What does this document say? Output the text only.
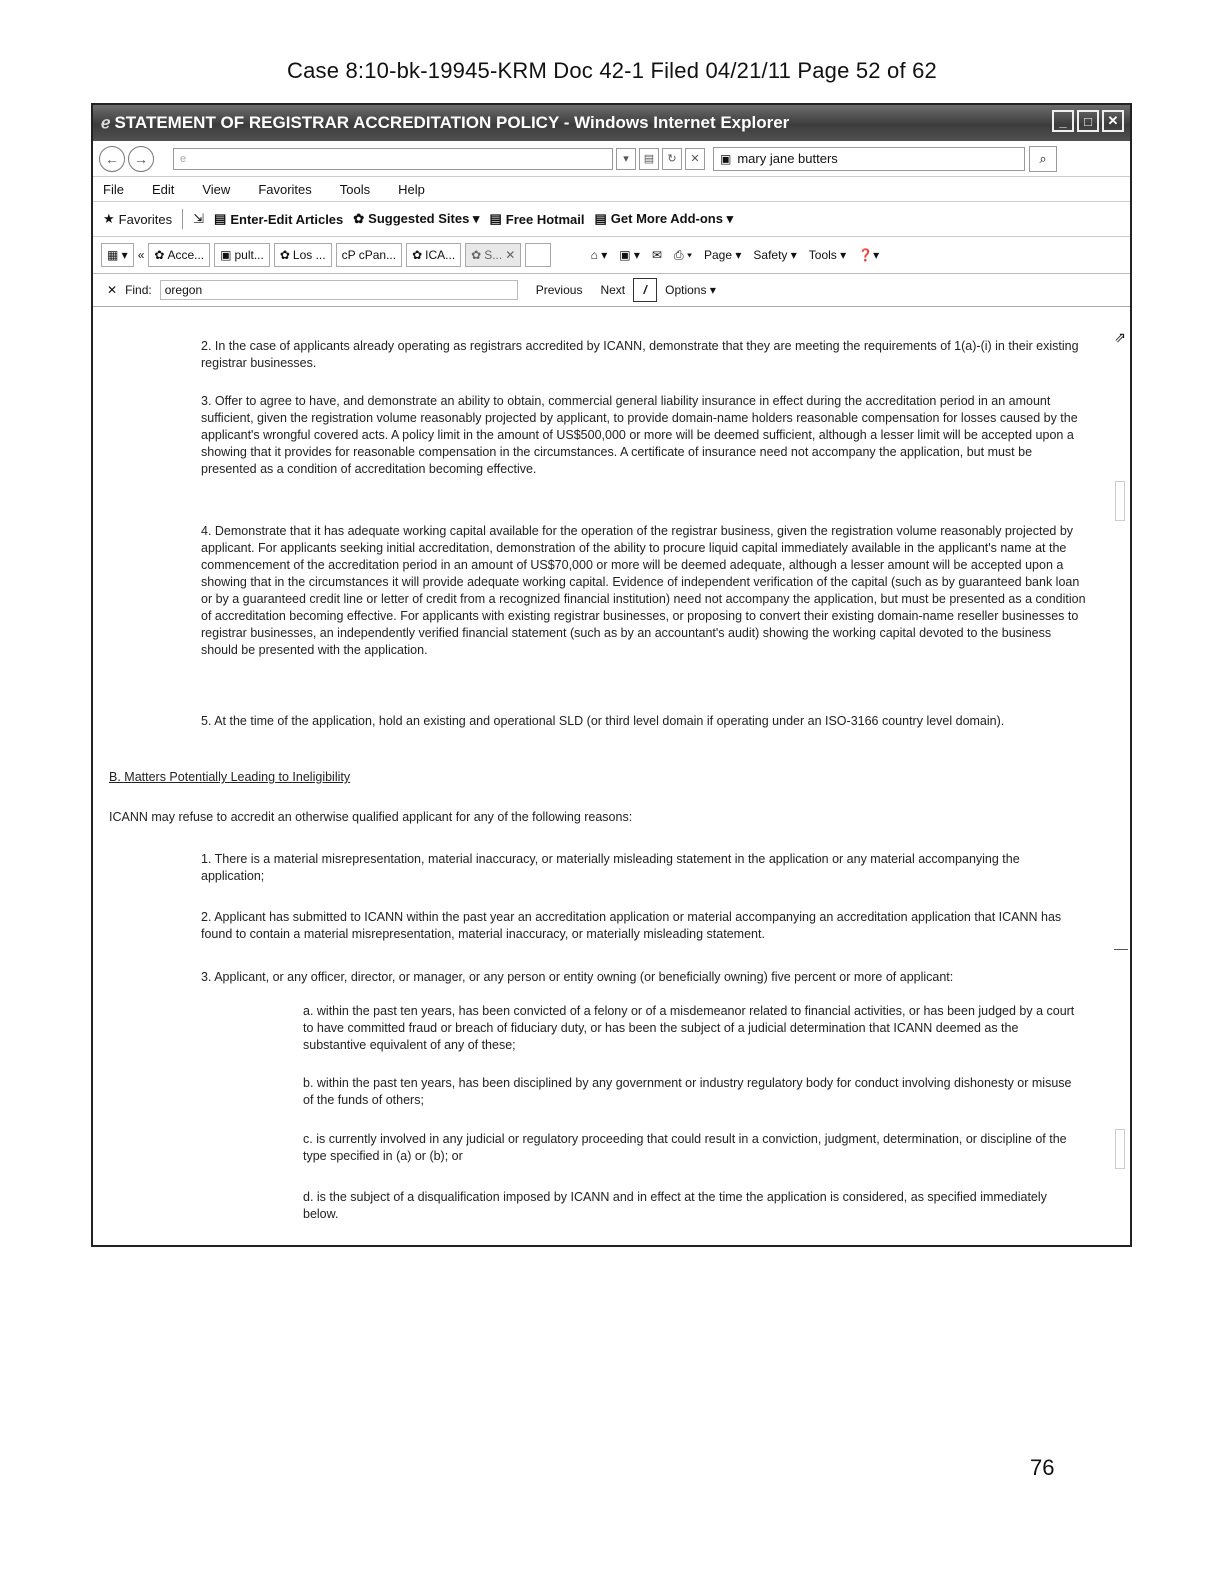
Case 8:10-bk-19945-KRM Doc 42-1 Filed 04/21/11 Page 52 of 62
ℯ STATEMENT OF REGISTRAR ACCREDITATION POLICY - Windows Internet Explorer	_	□	✕
←	→	e	▾	▤	↻	✕	▣ mary jane butters	⌕
File Edit View Favorites Tools Help
★ Favorites ⇲ ▤ Enter-Edit Articles ✿ Suggested Sites ▾ ▤ Free Hotmail ▤ Get More Add-ons ▾
▦ ▾ « ✿ Acce... ▣ pult... ✿ Los ... cP cPan... ✿ ICA... ✿ S... ✕
	⌂ ▾ ▣ ▾ ✉ ⎙ ▾ Page ▾ Safety ▾ Tools ▾ ❓▾
✕ Find: oregon	Previous Next	/	Options ▾

2. In the case of applicants already operating as registrars accredited by ICANN, demonstrate that they are meeting the requirements of 1(a)-(i) in their existing registrar businesses.

3. Offer to agree to have, and demonstrate an ability to obtain, commercial general liability insurance in effect during the accreditation period in an amount sufficient, given the registration volume reasonably projected by applicant, to provide domain-name holders reasonable compensation for losses caused by the applicant's wrongful covered acts. A policy limit in the amount of US$500,000 or more will be deemed sufficient, although a lesser limit will be accepted upon a showing that it provides for reasonable compensation in the circumstances. A certificate of insurance need not accompany the application, but must be presented as a condition of accreditation becoming effective.

4. Demonstrate that it has adequate working capital available for the operation of the registrar business, given the registration volume reasonably projected by applicant. For applicants seeking initial accreditation, demonstration of the ability to procure liquid capital immediately available in the applicant's name at the commencement of the accreditation period in an amount of US$70,000 or more will be deemed adequate, although a lesser amount will be accepted upon a showing that in the circumstances it will provide adequate working capital. Evidence of independent verification of the capital (such as by guaranteed bank loan or by a guaranteed credit line or letter of credit from a recognized financial institution) need not accompany the application, but must be presented as a condition of accreditation becoming effective. For applicants with existing registrar businesses, or proposing to convert their existing domain-name reseller businesses to registrar businesses, an independently verified financial statement (such as by an accountant's audit) showing the working capital devoted to the business should be presented with the application.

5. At the time of the application, hold an existing and operational SLD (or third level domain if operating under an ISO-3166 country level domain).

B. Matters Potentially Leading to Ineligibility

ICANN may refuse to accredit an otherwise qualified applicant for any of the following reasons:

1. There is a material misrepresentation, material inaccuracy, or materially misleading statement in the application or any material accompanying the application;

2. Applicant has submitted to ICANN within the past year an accreditation application or material accompanying an accreditation application that ICANN has found to contain a material misrepresentation, material inaccuracy, or materially misleading statement.

3. Applicant, or any officer, director, or manager, or any person or entity owning (or beneficially owning) five percent or more of applicant:

a. within the past ten years, has been convicted of a felony or of a misdemeanor related to financial activities, or has been judged by a court to have committed fraud or breach of fiduciary duty, or has been the subject of a judicial determination that ICANN deemed as the substantive equivalent of any of these;

b. within the past ten years, has been disciplined by any government or industry regulatory body for conduct involving dishonesty or misuse of the funds of others;

c. is currently involved in any judicial or regulatory proceeding that could result in a conviction, judgment, determination, or discipline of the type specified in (a) or (b); or

d. is the subject of a disqualification imposed by ICANN and in effect at the time the application is considered, as specified immediately below.

⇗
76
